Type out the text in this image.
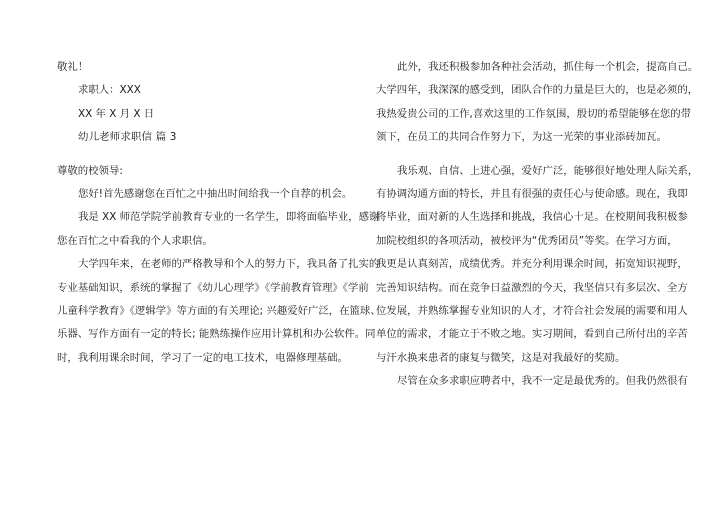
敬礼！
求职人：XXX
XX 年 X 月 X 日
幼儿老师求职信 篇 3
尊敬的校领导:
您好!首先感谢您在百忙之中抽出时间给我一个自荐的机会。
我是 XX 师范学院学前教育专业的一名学生，即将面临毕业，感谢
您在百忙之中看我的个人求职信。
大学四年来，在老师的严格教导和个人的努力下，我具备了扎实的
专业基础知识，系统的掌握了《幼儿心理学》《学前教育管理》《学前
儿童科学教育》《逻辑学》等方面的有关理论; 兴趣爱好广泛，在篮球、
乐器、写作方面有一定的特长; 能熟练操作应用计算机和办公软件。同
时，我利用课余时间，学习了一定的电工技术，电器修理基础。
此外，我还积极参加各种社会活动，抓住每一个机会，提高自己。
大学四年，我深深的感受到，团队合作的力量是巨大的，也是必须的，
我热爱贵公司的工作,喜欢这里的工作氛围，殷切的希望能够在您的带
领下，在员工的共同合作努力下，为这一光荣的事业添砖加瓦。
我乐观、自信、上进心强，爱好广泛，能够很好地处理人际关系，
有协调沟通方面的特长，并且有很强的责任心与使命感。现在，我即
将毕业，面对新的人生选择和挑战，我信心十足。在校期间我积极参
加院校组织的各项活动，被校评为“优秀团员”等奖。在学习方面，
我更是认真刻苦，成绩优秀。并充分利用课余时间，拓宽知识视野，
完善知识结构。而在竞争日益激烈的今天，我坚信只有多层次、全方
位发展，并熟练掌握专业知识的人才，才符合社会发展的需要和用人
单位的需求，才能立于不败之地。实习期间，看到自己所付出的辛苦
与汗水换来患者的康复与微笑，这是对我最好的奖励。
尽管在众多求职应聘者中，我不一定是最优秀的。但我仍然很有
